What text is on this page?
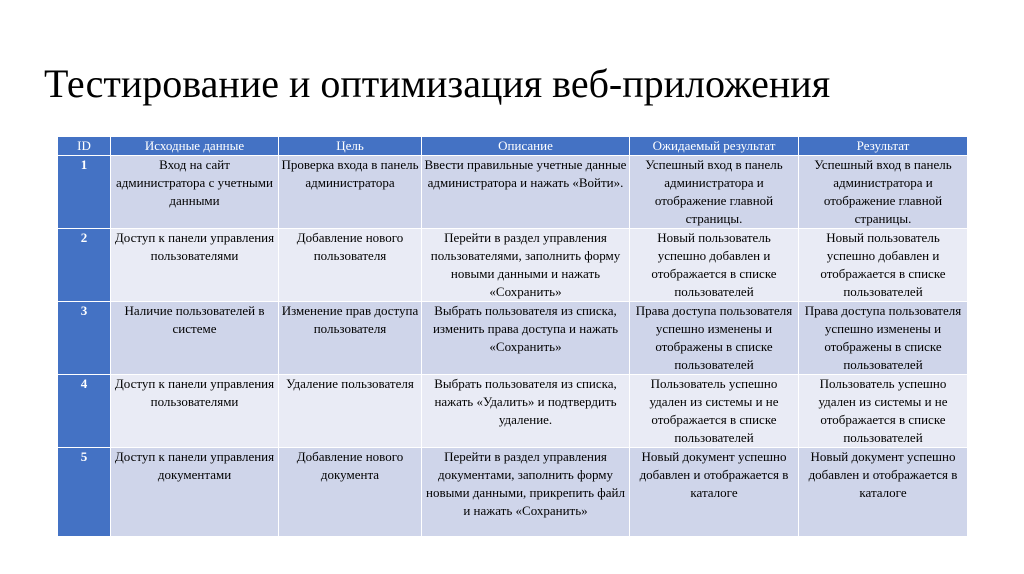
Тестирование и оптимизация веб-приложения
ID	Исходные данные	Цель	Описание	Ожидаемый результат	Результат
1	Вход на сайт администратора с учетными данными	Проверка входа в панель администратора	Ввести правильные учетные данные администратора и нажать «Войти».	Успешный вход в панель администратора и отображение главной страницы.	Успешный вход в панель администратора и отображение главной страницы.
2	Доступ к панели управления пользователями	Добавление нового пользователя	Перейти в раздел управления пользователями, заполнить форму новыми данными и нажать «Сохранить»	Новый пользователь успешно добавлен и отображается в списке пользователей	Новый пользователь успешно добавлен и отображается в списке пользователей
3	Наличие пользователей в системе	Изменение прав доступа пользователя	Выбрать пользователя из списка, изменить права доступа и нажать «Сохранить»	Права доступа пользователя успешно изменены и отображены в списке пользователей	Права доступа пользователя успешно изменены и отображены в списке пользователей
4	Доступ к панели управления пользователями	Удаление пользователя	Выбрать пользователя из списка, нажать «Удалить» и подтвердить удаление.	Пользователь успешно удален из системы и не отображается в списке пользователей	Пользователь успешно удален из системы и не отображается в списке пользователей
5	Доступ к панели управления документами	Добавление нового документа	Перейти в раздел управления документами, заполнить форму новыми данными, прикрепить файл и нажать «Сохранить»	Новый документ успешно добавлен и отображается в каталоге	Новый документ успешно добавлен и отображается в каталоге
